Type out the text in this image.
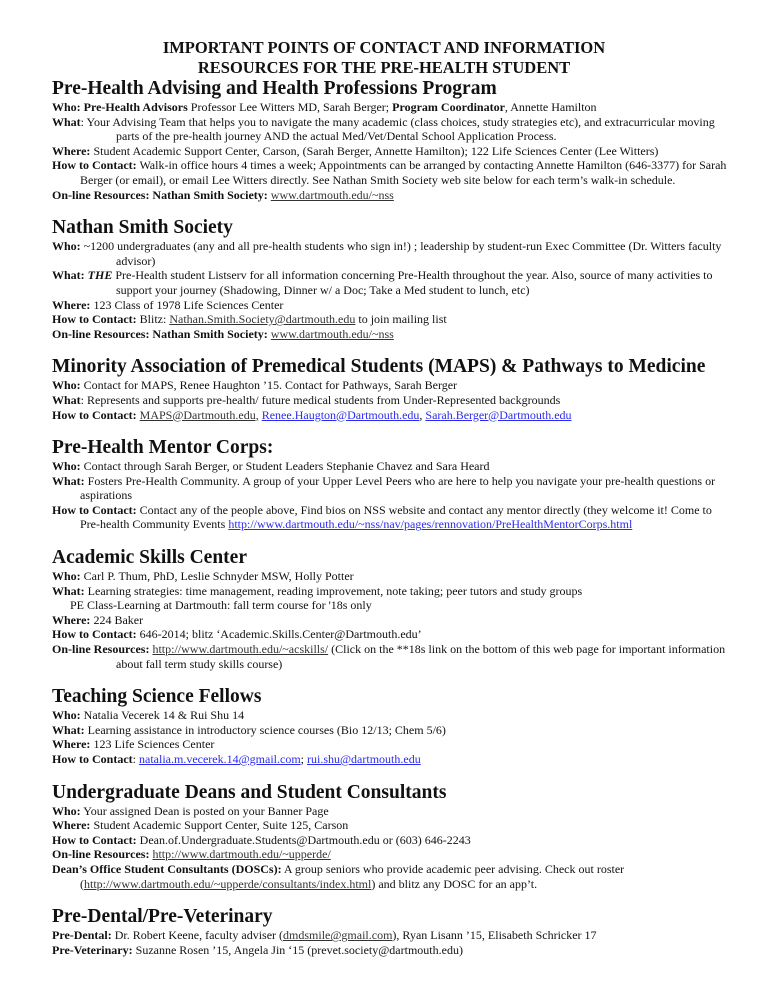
IMPORTANT POINTS OF CONTACT AND INFORMATION
RESOURCES FOR THE PRE-HEALTH STUDENT
Pre-Health Advising and Health Professions Program
Who: Pre-Health Advisors Professor Lee Witters MD, Sarah Berger; Program Coordinator, Annette Hamilton
What: Your Advising Team that helps you to navigate the many academic (class choices, study strategies etc), and extracurricular moving parts of the pre-health journey AND the actual Med/Vet/Dental School Application Process.
Where: Student Academic Support Center, Carson, (Sarah Berger, Annette Hamilton); 122 Life Sciences Center (Lee Witters)
How to Contact: Walk-in office hours 4 times a week; Appointments can be arranged by contacting Annette Hamilton (646-3377) for Sarah Berger (or email), or email Lee Witters directly. See Nathan Smith Society web site below for each term’s walk-in schedule.
On-line Resources: Nathan Smith Society: www.dartmouth.edu/~nss
Nathan Smith Society
Who: ~1200 undergraduates (any and all pre-health students who sign in!) ; leadership by student-run Exec Committee (Dr. Witters faculty advisor)
What: THE Pre-Health student Listserv for all information concerning Pre-Health throughout the year. Also, source of many activities to support your journey (Shadowing, Dinner w/ a Doc; Take a Med student to lunch, etc)
Where: 123 Class of 1978 Life Sciences Center
How to Contact: Blitz: Nathan.Smith.Society@dartmouth.edu to join mailing list
On-line Resources: Nathan Smith Society: www.dartmouth.edu/~nss
Minority Association of Premedical Students (MAPS) & Pathways to Medicine
Who: Contact for MAPS, Renee Haughton ’15. Contact for Pathways, Sarah Berger
What: Represents and supports pre-health/ future medical students from Under-Represented backgrounds
How to Contact: MAPS@Dartmouth.edu, Renee.Haugton@Dartmouth.edu, Sarah.Berger@Dartmouth.edu
Pre-Health Mentor Corps:
Who: Contact through Sarah Berger, or Student Leaders Stephanie Chavez and Sara Heard
What: Fosters Pre-Health Community. A group of your Upper Level Peers who are here to help you navigate your pre-health questions or aspirations
How to Contact: Contact any of the people above, Find bios on NSS website and contact any mentor directly (they welcome it! Come to Pre-health Community Events http://www.dartmouth.edu/~nss/nav/pages/rennovation/PreHealthMentorCorps.html
Academic Skills Center
Who: Carl P. Thum, PhD, Leslie Schnyder MSW, Holly Potter
What: Learning strategies: time management, reading improvement, note taking; peer tutors and study groups
PE Class-Learning at Dartmouth: fall term course for '18s only
Where: 224 Baker
How to Contact: 646-2014; blitz ‘Academic.Skills.Center@Dartmouth.edu’
On-line Resources: http://www.dartmouth.edu/~acskills/ (Click on the **18s link on the bottom of this web page for important information about fall term study skills course)
Teaching Science Fellows
Who: Natalia Vecerek 14 & Rui Shu 14
What: Learning assistance in introductory science courses (Bio 12/13; Chem 5/6)
Where: 123 Life Sciences Center
How to Contact: natalia.m.vecerek.14@gmail.com; rui.shu@dartmouth.edu
Undergraduate Deans and Student Consultants
Who: Your assigned Dean is posted on your Banner Page
Where: Student Academic Support Center, Suite 125, Carson
How to Contact: Dean.of.Undergraduate.Students@Dartmouth.edu or (603) 646-2243
On-line Resources: http://www.dartmouth.edu/~upperde/
Dean’s Office Student Consultants (DOSCs): A group seniors who provide academic peer advising. Check out roster (http://www.dartmouth.edu/~upperde/consultants/index.html) and blitz any DOSC for an app’t.
Pre-Dental/Pre-Veterinary
Pre-Dental: Dr. Robert Keene, faculty adviser (dmdsmile@gmail.com), Ryan Lisann ’15, Elisabeth Schricker 17
Pre-Veterinary: Suzanne Rosen ’15, Angela Jin ‘15 (prevet.society@dartmouth.edu)
